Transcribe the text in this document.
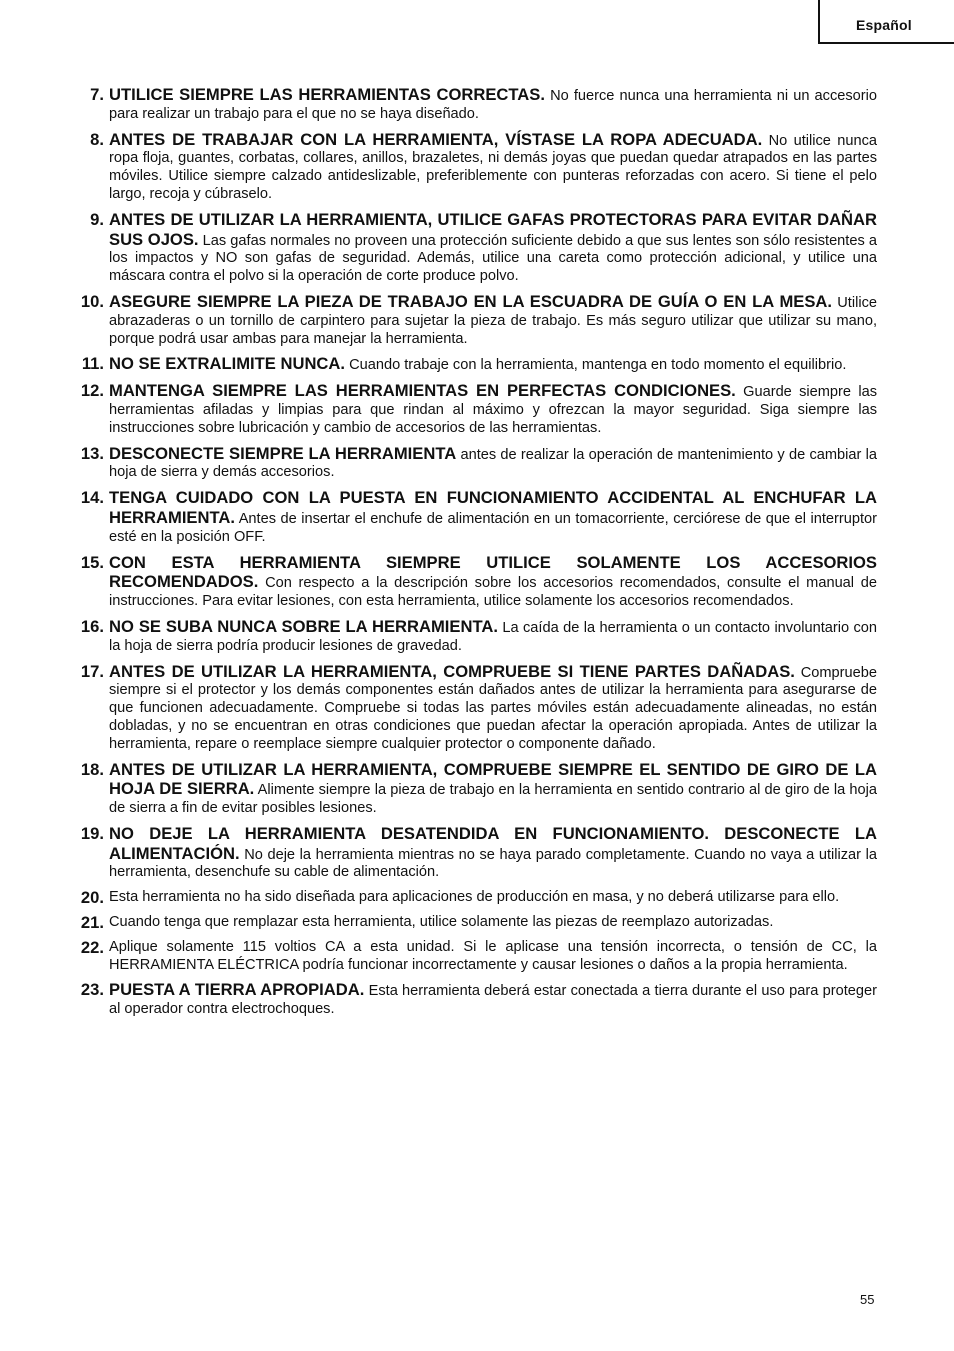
Español
7. UTILICE SIEMPRE LAS HERRAMIENTAS CORRECTAS. No fuerce nunca una herramienta ni un accesorio para realizar un trabajo para el que no se haya diseñado.
8. ANTES DE TRABAJAR CON LA HERRAMIENTA, VÍSTASE LA ROPA ADECUADA. No utilice nunca ropa floja, guantes, corbatas, collares, anillos, brazaletes, ni demás joyas que puedan quedar atrapados en las partes móviles. Utilice siempre calzado antideslizable, preferiblemente con punteras reforzadas con acero. Si tiene el pelo largo, recoja y cúbraselo.
9. ANTES DE UTILIZAR LA HERRAMIENTA, UTILICE GAFAS PROTECTORAS PARA EVITAR DAÑAR SUS OJOS. Las gafas normales no proveen una protección suficiente debido a que sus lentes son sólo resistentes a los impactos y NO son gafas de seguridad. Además, utilice una careta como protección adicional, y utilice una máscara contra el polvo si la operación de corte produce polvo.
10. ASEGURE SIEMPRE LA PIEZA DE TRABAJO EN LA ESCUADRA DE GUÍA O EN LA MESA. Utilice abrazaderas o un tornillo de carpintero para sujetar la pieza de trabajo. Es más seguro utilizar que utilizar su mano, porque podrá usar ambas para manejar la herramienta.
11. NO SE EXTRALIMITE NUNCA. Cuando trabaje con la herramienta, mantenga en todo momento el equilibrio.
12. MANTENGA SIEMPRE LAS HERRAMIENTAS EN PERFECTAS CONDICIONES. Guarde siempre las herramientas afiladas y limpias para que rindan al máximo y ofrezcan la mayor seguridad. Siga siempre las instrucciones sobre lubricación y cambio de accesorios de las herramientas.
13. DESCONECTE SIEMPRE LA HERRAMIENTA antes de realizar la operación de mantenimiento y de cambiar la hoja de sierra y demás accesorios.
14. TENGA CUIDADO CON LA PUESTA EN FUNCIONAMIENTO ACCIDENTAL AL ENCHUFAR LA HERRAMIENTA. Antes de insertar el enchufe de alimentación en un tomacorriente, cerciórese de que el interruptor esté en la posición OFF.
15. CON ESTA HERRAMIENTA SIEMPRE UTILICE SOLAMENTE LOS ACCESORIOS RECOMENDADOS. Con respecto a la descripción sobre los accesorios recomendados, consulte el manual de instrucciones. Para evitar lesiones, con esta herramienta, utilice solamente los accesorios recomendados.
16. NO SE SUBA NUNCA SOBRE LA HERRAMIENTA. La caída de la herramienta o un contacto involuntario con la hoja de sierra podría producir lesiones de gravedad.
17. ANTES DE UTILIZAR LA HERRAMIENTA, COMPRUEBE SI TIENE PARTES DAÑADAS. Compruebe siempre si el protector y los demás componentes están dañados antes de utilizar la herramienta para asegurarse de que funcionen adecuadamente. Compruebe si todas las partes móviles están adecuadamente alineadas, no están dobladas, y no se encuentran en otras condiciones que puedan afectar la operación apropiada. Antes de utilizar la herramienta, repare o reemplace siempre cualquier protector o componente dañado.
18. ANTES DE UTILIZAR LA HERRAMIENTA, COMPRUEBE SIEMPRE EL SENTIDO DE GIRO DE LA HOJA DE SIERRA. Alimente siempre la pieza de trabajo en la herramienta en sentido contrario al de giro de la hoja de sierra a fin de evitar posibles lesiones.
19. NO DEJE LA HERRAMIENTA DESATENDIDA EN FUNCIONAMIENTO. DESCONECTE LA ALIMENTACIÓN. No deje la herramienta mientras no se haya parado completamente. Cuando no vaya a utilizar la herramienta, desenchufe su cable de alimentación.
20. Esta herramienta no ha sido diseñada para aplicaciones de producción en masa, y no deberá utilizarse para ello.
21. Cuando tenga que remplazar esta herramienta, utilice solamente las piezas de reemplazo autorizadas.
22. Aplique solamente 115 voltios CA a esta unidad. Si le aplicase una tensión incorrecta, o tensión de CC, la HERRAMIENTA ELÉCTRICA podría funcionar incorrectamente y causar lesiones o daños a la propia herramienta.
23. PUESTA A TIERRA APROPIADA. Esta herramienta deberá estar conectada a tierra durante el uso para proteger al operador contra electrochoques.
55
